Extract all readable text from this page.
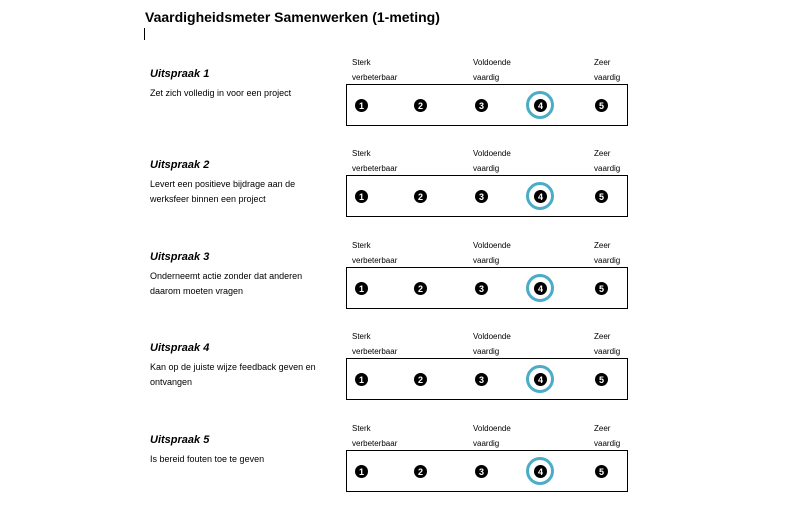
Vaardigheidsmeter Samenwerken (1-meting)
Uitspraak 1
Zet zich volledig in voor een project
Sterk
verbeterbaar
Voldoende
vaardig
Zeer
vaardig
1	2	3	4	5
Uitspraak 2
Levert een positieve bijdrage aan de werksfeer binnen een project
Sterk
verbeterbaar
Voldoende
vaardig
Zeer
vaardig
1	2	3	4	5
Uitspraak 3
Onderneemt actie zonder dat anderen daarom moeten vragen
Sterk
verbeterbaar
Voldoende
vaardig
Zeer
vaardig
1	2	3	4	5
Uitspraak 4
Kan op de juiste wijze feedback geven en ontvangen
Sterk
verbeterbaar
Voldoende
vaardig
Zeer
vaardig
1	2	3	4	5
Uitspraak 5
Is bereid fouten toe te geven
Sterk
verbeterbaar
Voldoende
vaardig
Zeer
vaardig
1	2	3	4	5
